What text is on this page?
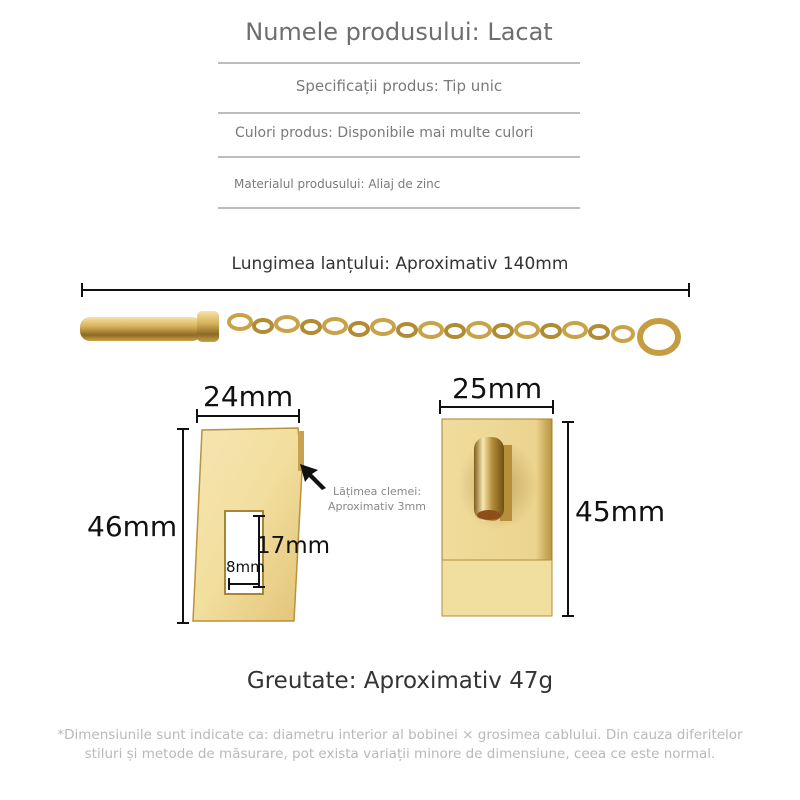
Numele produsului: Lacat
Specificații produs: Tip unic
Culori produs: Disponibile mai multe culori
Materialul produsului: Aliaj de zinc
Lungimea lanțului: Aproximativ 140mm
24mm
46mm
17mm
8mm
Lățimea clemei:
Aproximativ 3mm
25mm
45mm
Greutate: Aproximativ 47g
*Dimensiunile sunt indicate ca: diametru interior al bobinei × grosimea cablului. Din cauza diferitelor
stiluri și metode de măsurare, pot exista variații minore de dimensiune, ceea ce este normal.
